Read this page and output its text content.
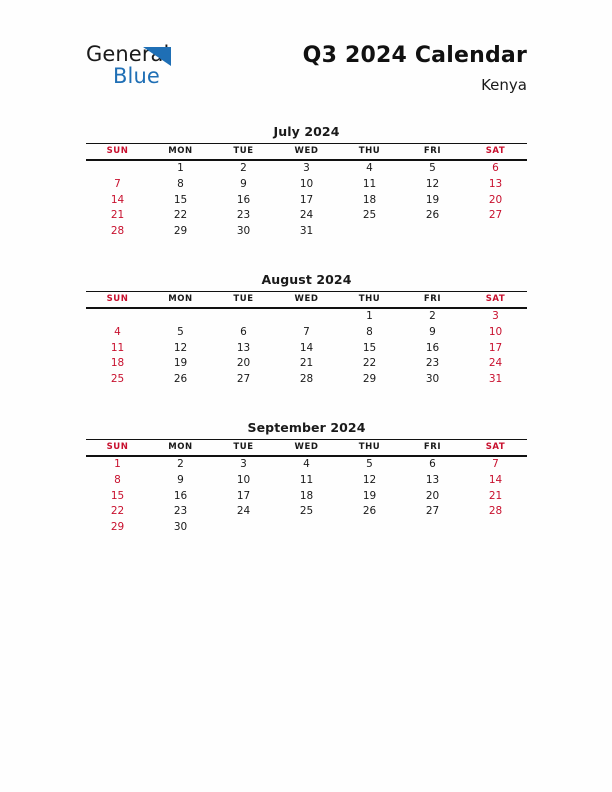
General
Blue
Q3 2024 Calendar
Kenya
July 2024
SUN	MON	TUE	WED	THU	FRI	SAT
	1	2	3	4	5	6
7	8	9	10	11	12	13
14	15	16	17	18	19	20
21	22	23	24	25	26	27
28	29	30	31			
August 2024
SUN	MON	TUE	WED	THU	FRI	SAT
				1	2	3
4	5	6	7	8	9	10
11	12	13	14	15	16	17
18	19	20	21	22	23	24
25	26	27	28	29	30	31
September 2024
SUN	MON	TUE	WED	THU	FRI	SAT
1	2	3	4	5	6	7
8	9	10	11	12	13	14
15	16	17	18	19	20	21
22	23	24	25	26	27	28
29	30					
